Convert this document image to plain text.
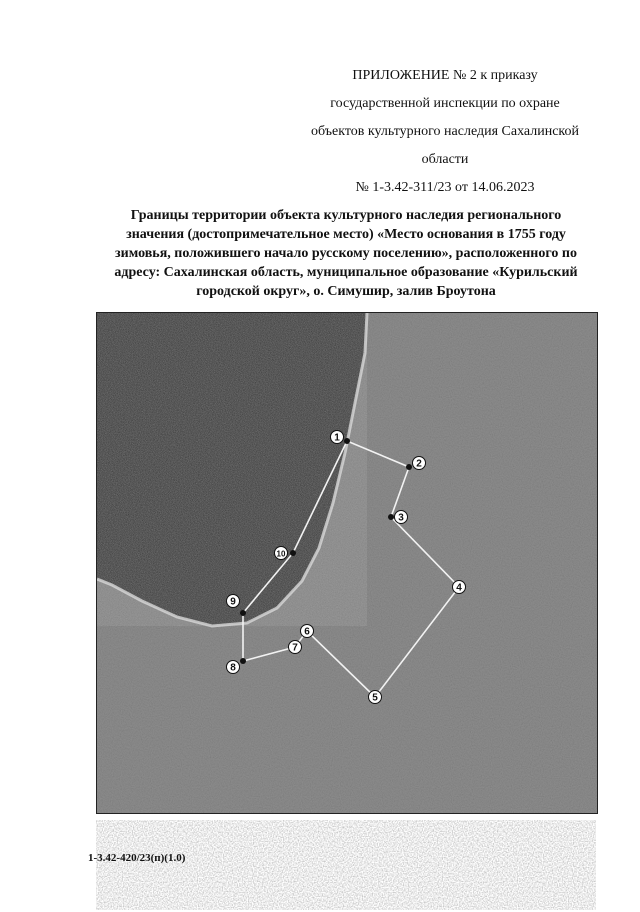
ПРИЛОЖЕНИЕ № 2 к приказу
государственной инспекции по охране
объектов культурного наследия Сахалинской
области
№ 1-3.42-311/23 от 14.06.2023
Границы территории объекта культурного наследия регионального
значения (достопримечательное место) «Место основания в 1755 году
зимовья, положившего начало русскому поселению», расположенного по
адресу: Сахалинская область, муниципальное образование «Курильский
городской округ», о. Симушир, залив Броутона
1
2
3
4
5
6
7
8
9
10
1-3.42-420/23(п)(1.0)
